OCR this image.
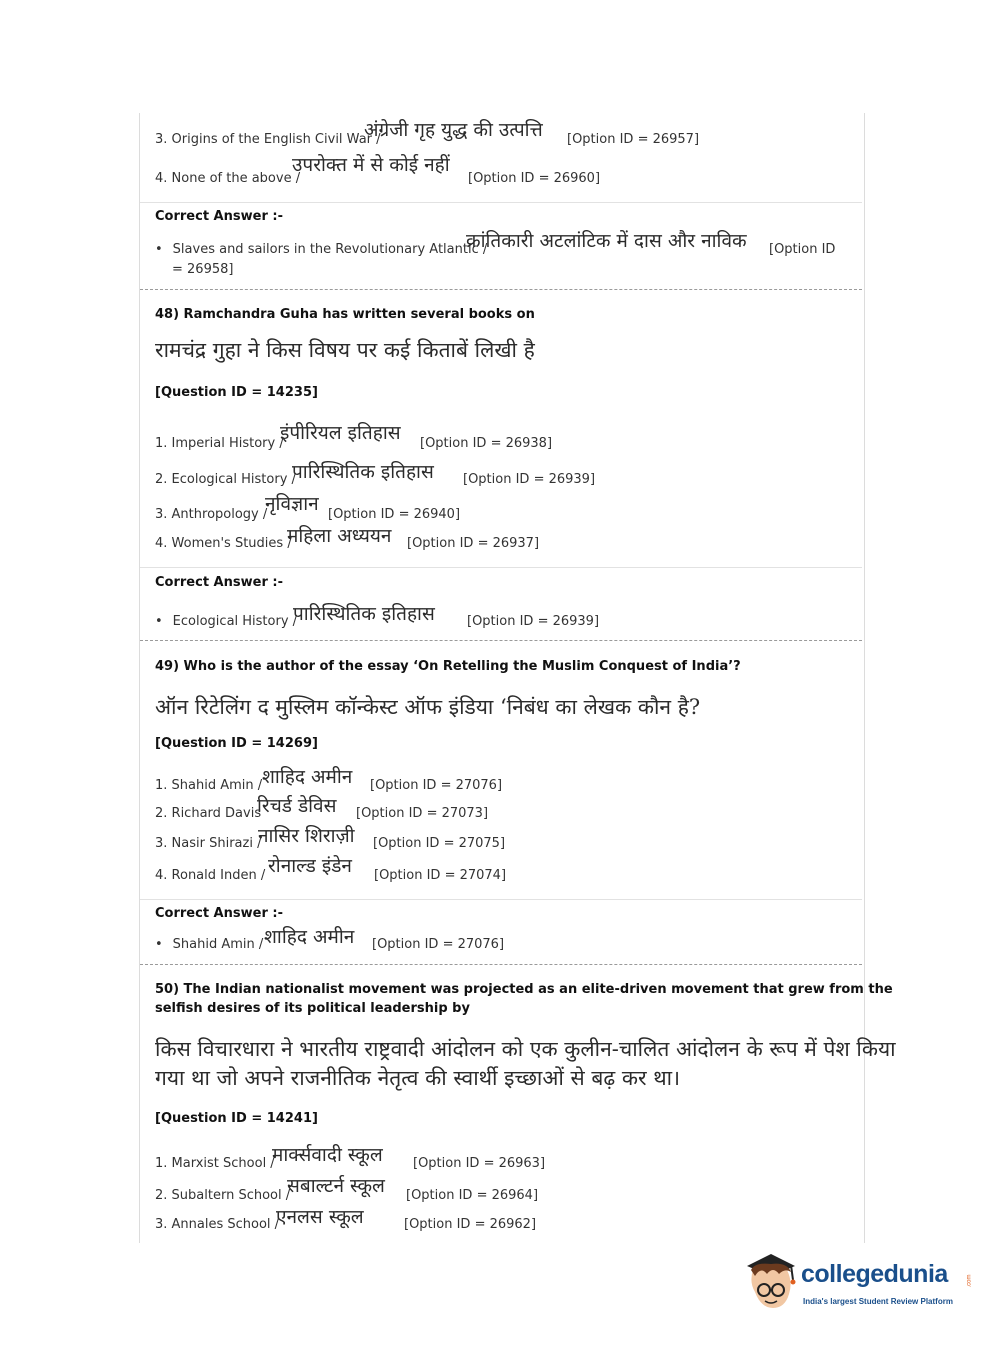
3. Origins of the English Civil War /
अंग्रेजी गृह युद्ध की उत्पत्ति [Option ID = 26957]
उपरोक्त में से कोई नहीं
4. None of the above /	[Option ID = 26960]
Correct Answer :-
• Slaves and sailors in the Revolutionary Atlantic /
क्रांतिकारी अटलांटिक में दास और नाविक [Option ID
= 26958]
48) Ramchandra Guha has written several books on
रामचंद्र गुहा ने किस विषय पर कई किताबें लिखी है
[Question ID = 14235]
1. Imperial History /
इंपीरियल इतिहास [Option ID = 26938]
2. Ecological History /
पारिस्थितिक इतिहास [Option ID = 26939]
3. Anthropology /
नृविज्ञान [Option ID = 26940]
4. Women's Studies /
महिला अध्ययन [Option ID = 26937]
Correct Answer :-
• Ecological History /
पारिस्थितिक इतिहास [Option ID = 26939]
49) Who is the author of the essay ‘On Retelling the Muslim Conquest of India’?
ऑन रिटेलिंग द मुस्लिम कॉन्केस्ट ऑफ इंडिया ‘निबंध का लेखक कौन है?
[Question ID = 14269]
1. Shahid Amin / शाहिद अमीन [Option ID = 27076]
2. Richard Davis
रिचर्ड डेविस [Option ID = 27073]
3. Nasir Shirazi /
नासिर शिराज़ी [Option ID = 27075]
4. Ronald Inden / रोनाल्ड इंडेन [Option ID = 27074]
Correct Answer :-
• Shahid Amin / शाहिद अमीन [Option ID = 27076]
50) The Indian nationalist movement was projected as an elite-driven movement that grew from the
selfish desires of its political leadership by
किस विचारधारा ने भारतीय राष्ट्रवादी आंदोलन को एक कुलीन-चालित आंदोलन के रूप में पेश किया
गया था जो अपने राजनीतिक नेतृत्व की स्वार्थी इच्छाओं से बढ़ कर था।
[Question ID = 14241]
1. Marxist School /
मार्क्सवादी स्कूल [Option ID = 26963]
2. Subaltern School /
सबाल्टर्न स्कूल [Option ID = 26964]
3. Annales School /
एनलस स्कूल	[Option ID = 26962]
collegedunia	.com
India's largest Student Review Platform
